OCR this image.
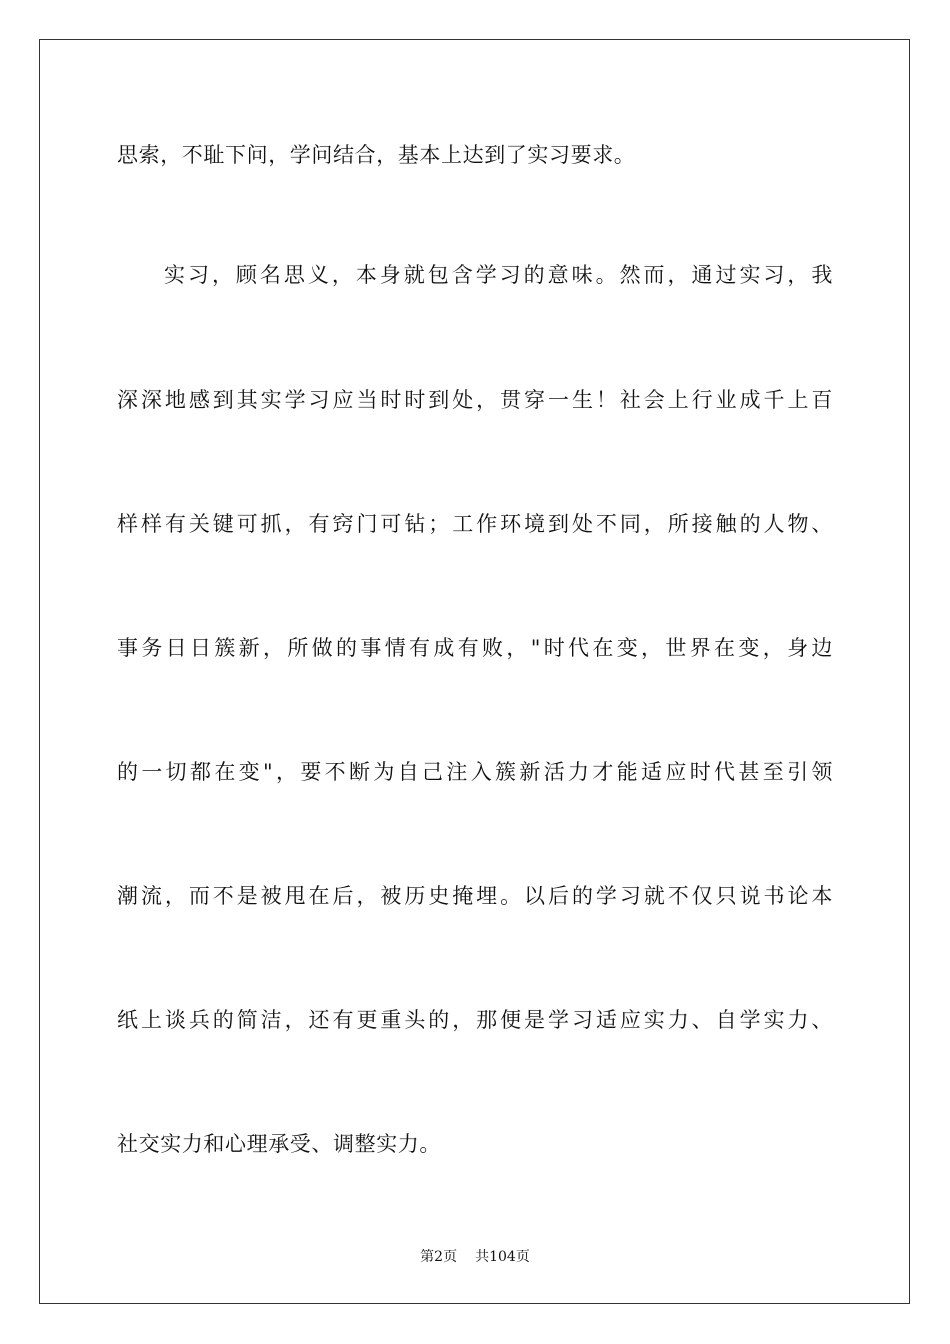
思索，不耻下问，学问结合，基本上达到了实习要求。
实习，顾名思义，本身就包含学习的意味。然而，通过实习，我
深深地感到其实学习应当时时到处，贯穿一生！社会上行业成千上百
样样有关键可抓，有窍门可钻；工作环境到处不同，所接触的人物、
事务日日簇新，所做的事情有成有败，"时代在变，世界在变，身边
的一切都在变"，要不断为自己注入簇新活力才能适应时代甚至引领
潮流，而不是被甩在后，被历史掩埋。以后的学习就不仅只说书论本
纸上谈兵的简洁，还有更重头的，那便是学习适应实力、自学实力、
社交实力和心理承受、调整实力。
第2页 共104页
